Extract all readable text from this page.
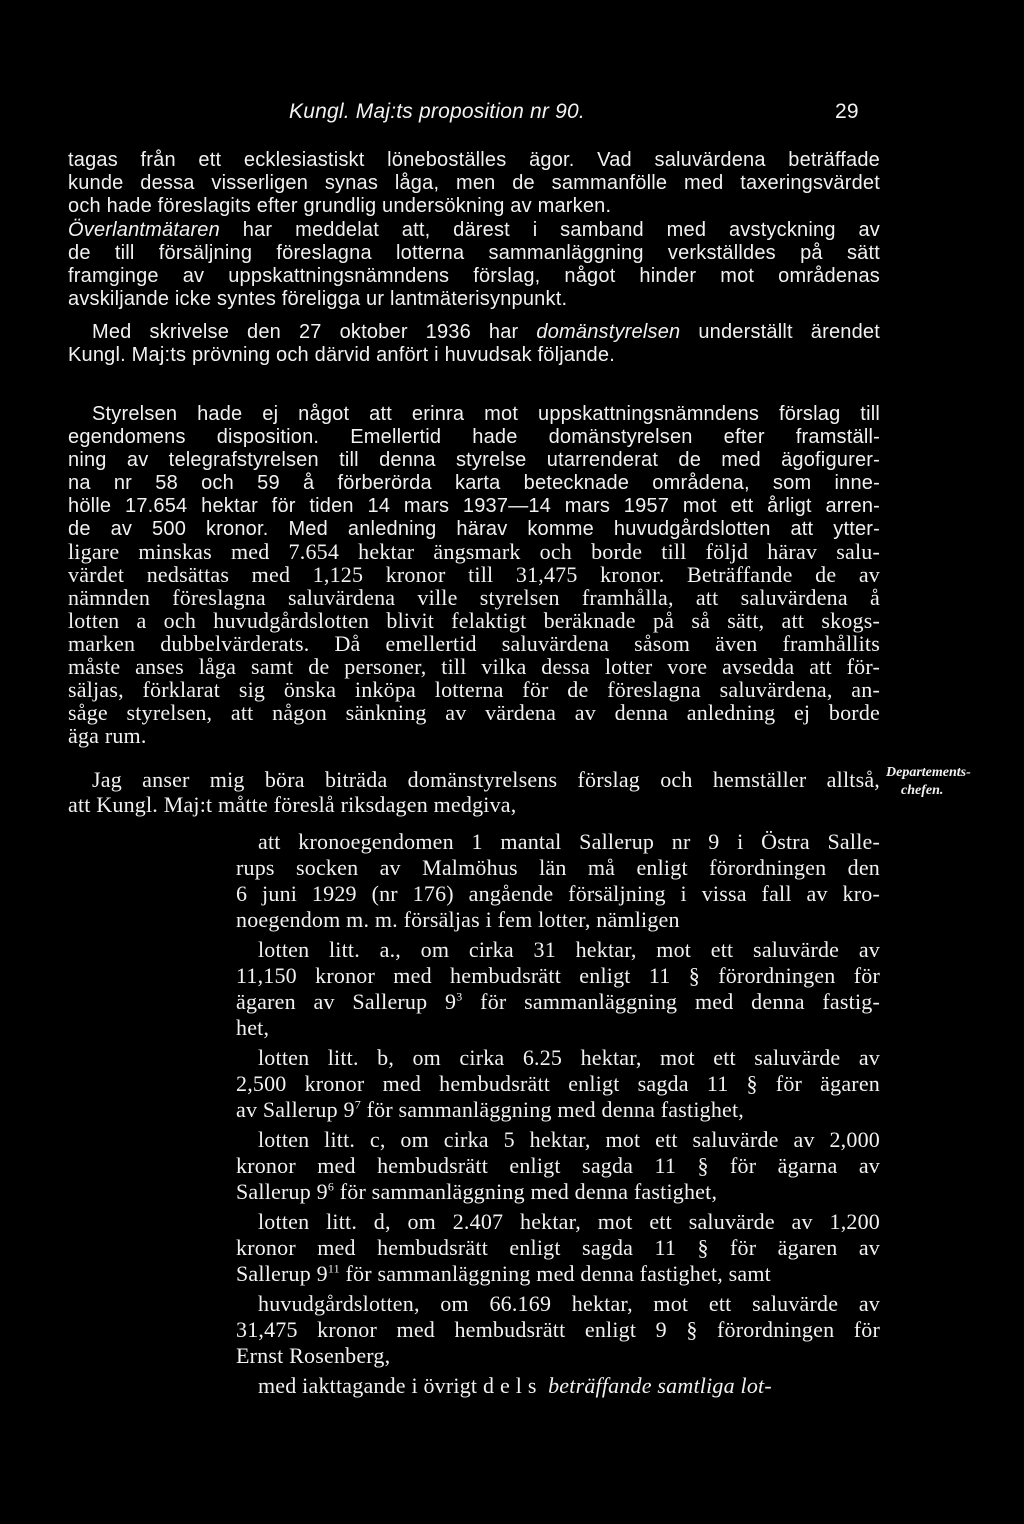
Kungl. Maj:ts proposition nr 90.	29
tagas från ett ecklesiastiskt löneboställes ägor. Vad saluvärdena beträffade
kunde dessa visserligen synas låga, men de sammanfölle med taxeringsvärdet
och hade föreslagits efter grundlig undersökning av marken.
Överlantmätaren har meddelat att, därest i samband med avstyckning av
de till försäljning föreslagna lotterna sammanläggning verkställdes på sätt
framginge av uppskattningsnämndens förslag, något hinder mot områdenas
avskiljande icke syntes föreligga ur lantmäterisynpunkt.
Med skrivelse den 27 oktober 1936 har domänstyrelsen underställt ärendet
Kungl. Maj:ts prövning och därvid anfört i huvudsak följande.
Styrelsen hade ej något att erinra mot uppskattningsnämndens förslag till
egendomens disposition. Emellertid hade domänstyrelsen efter framställ-
ning av telegrafstyrelsen till denna styrelse utarrenderat de med ägofigurer-
na nr 58 och 59 å förberörda karta betecknade områdena, som inne-
hölle 17.654 hektar för tiden 14 mars 1937—14 mars 1957 mot ett årligt arren-
de av 500 kronor. Med anledning härav komme huvudgårdslotten att ytter-
ligare minskas med 7.654 hektar ängsmark och borde till följd härav salu-
värdet nedsättas med 1,125 kronor till 31,475 kronor. Beträffande de av
nämnden föreslagna saluvärdena ville styrelsen framhålla, att saluvärdena å
lotten a och huvudgårdslotten blivit felaktigt beräknade på så sätt, att skogs-
marken dubbelvärderats. Då emellertid saluvärdena såsom även framhållits
måste anses låga samt de personer, till vilka dessa lotter vore avsedda att för-
säljas, förklarat sig önska inköpa lotterna för de föreslagna saluvärdena, an-
såge styrelsen, att någon sänkning av värdena av denna anledning ej borde
äga rum.
Jag anser mig böra biträda domänstyrelsens förslag och hemställer alltså,
att Kungl. Maj:t måtte föreslå riksdagen medgiva,
Departements-
chefen.
att kronoegendomen 1 mantal Sallerup nr 9 i Östra Salle-
rups socken av Malmöhus län må enligt förordningen den
6 juni 1929 (nr 176) angående försäljning i vissa fall av kro-
noegendom m. m. försäljas i fem lotter, nämligen
lotten litt. a., om cirka 31 hektar, mot ett saluvärde av
11,150 kronor med hembudsrätt enligt 11 § förordningen för
ägaren av Sallerup $9^3$ för sammanläggning med denna fastig-
het,
lotten litt. b, om cirka 6.25 hektar, mot ett saluvärde av
2,500 kronor med hembudsrätt enligt sagda 11 § för ägaren
av Sallerup $9^7$ för sammanläggning med denna fastighet,
lotten litt. c, om cirka 5 hektar, mot ett saluvärde av 2,000
kronor med hembudsrätt enligt sagda 11 § för ägarna av
Sallerup $9^6$ för sammanläggning med denna fastighet,
lotten litt. d, om 2.407 hektar, mot ett saluvärde av 1,200
kronor med hembudsrätt enligt sagda 11 § för ägaren av
Sallerup $9^{11}$ för sammanläggning med denna fastighet, samt
huvudgårdslotten, om 66.169 hektar, mot ett saluvärde av
31,475 kronor med hembudsrätt enligt 9 § förordningen för
Ernst Rosenberg,
med iakttagande i övrigt dels beträffande samtliga lot-
